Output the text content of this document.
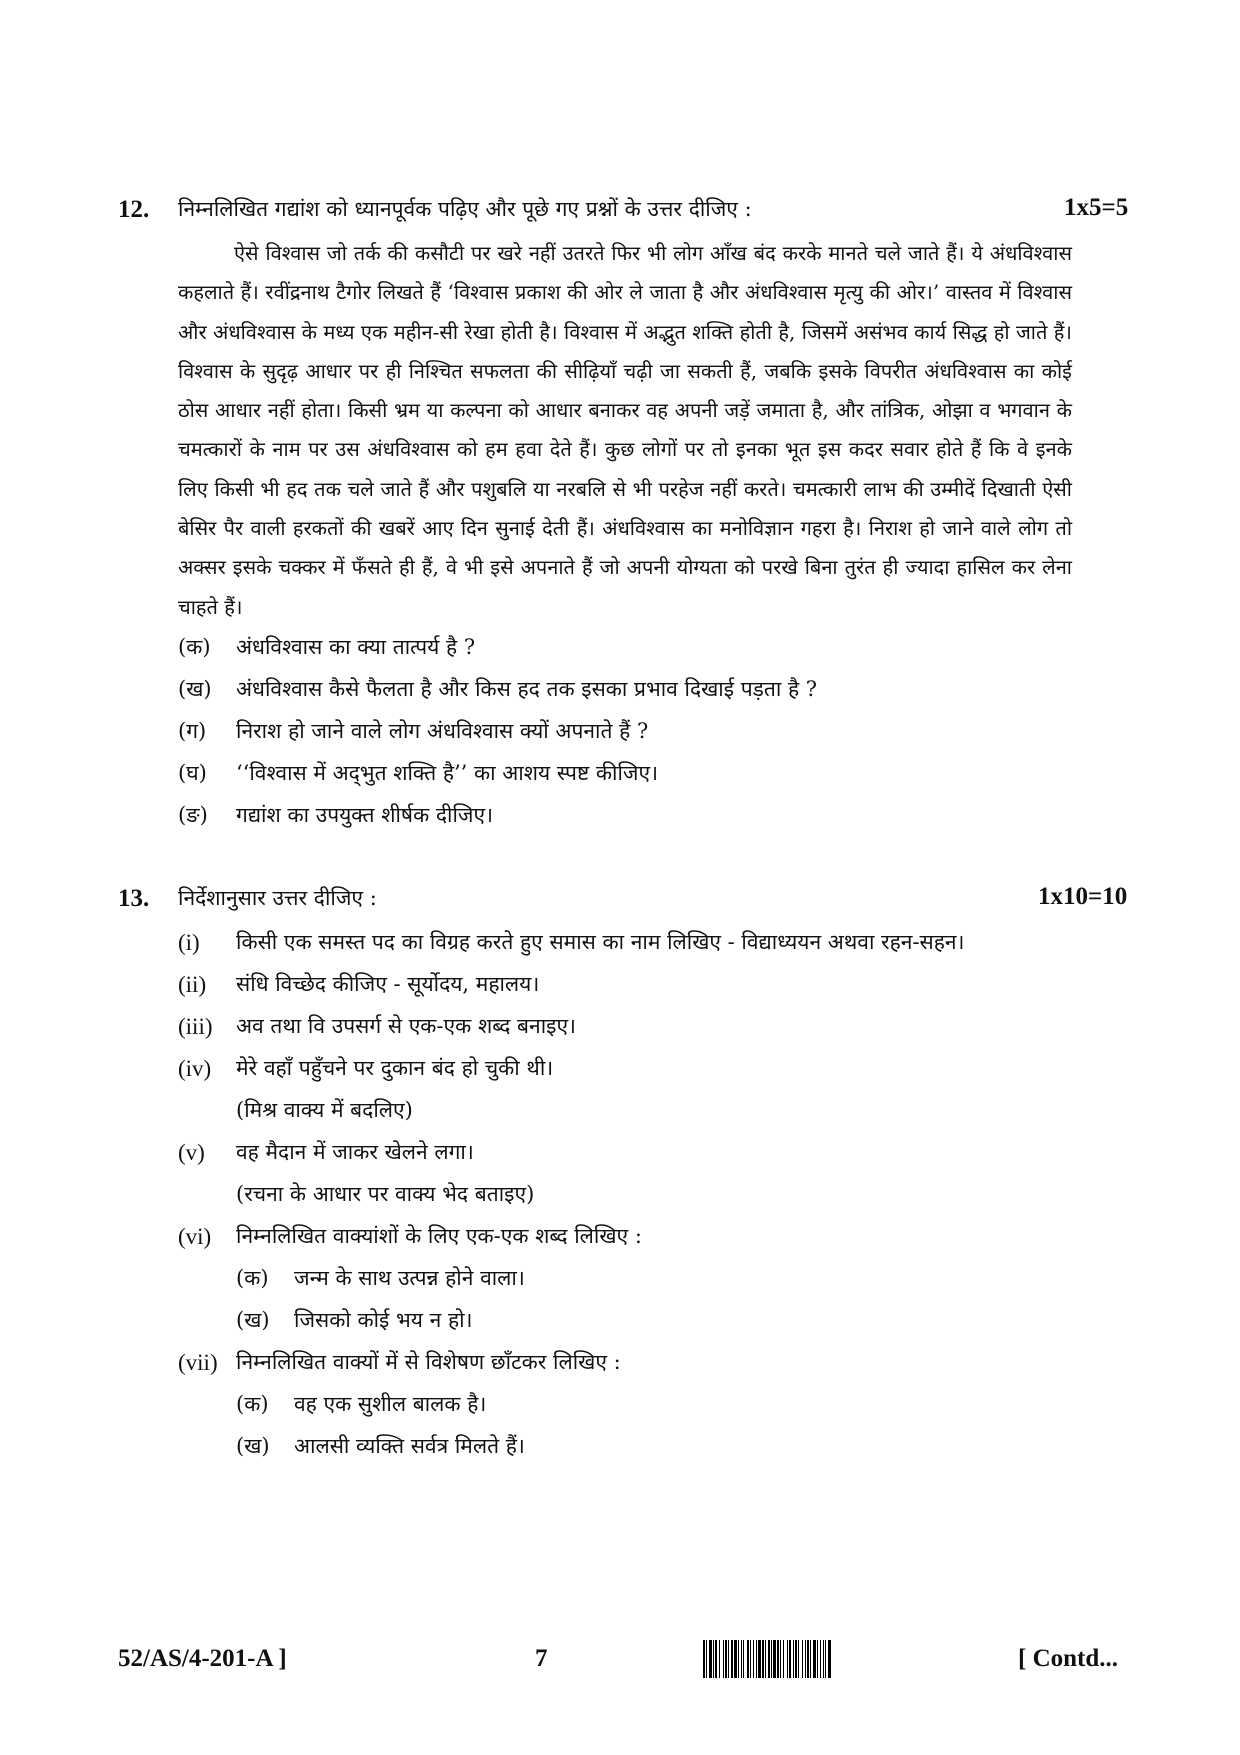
12. निम्नलिखित गद्यांश को ध्यानपूर्वक पढ़िए और पूछे गए प्रश्नों के उत्तर दीजिए :	1x5=5
ऐसे विश्वास जो तर्क की कसौटी पर खरे नहीं उतरते फिर भी लोग आँख बंद करके मानते चले जाते हैं। ये अंधविश्वास कहलाते हैं। रवींद्रनाथ टैगोर लिखते हैं ‘विश्वास प्रकाश की ओर ले जाता है और अंधविश्वास मृत्यु की ओर।’ वास्तव में विश्वास और अंधविश्वास के मध्य एक महीन-सी रेखा होती है। विश्वास में अद्भुत शक्ति होती है, जिसमें असंभव कार्य सिद्ध हो जाते हैं। विश्वास के सुदृढ़ आधार पर ही निश्चित सफलता की सीढ़ियाँ चढ़ी जा सकती हैं, जबकि इसके विपरीत अंधविश्वास का कोई ठोस आधार नहीं होता। किसी भ्रम या कल्पना को आधार बनाकर वह अपनी जड़ें जमाता है, और तांत्रिक, ओझा व भगवान के चमत्कारों के नाम पर उस अंधविश्वास को हम हवा देते हैं। कुछ लोगों पर तो इनका भूत इस कदर सवार होते हैं कि वे इनके लिए किसी भी हद तक चले जाते हैं और पशुबलि या नरबलि से भी परहेज नहीं करते। चमत्कारी लाभ की उम्मीदें दिखाती ऐसी बेसिर पैर वाली हरकतों की खबरें आए दिन सुनाई देती हैं। अंधविश्वास का मनोविज्ञान गहरा है। निराश हो जाने वाले लोग तो अक्सर इसके चक्कर में फँसते ही हैं, वे भी इसे अपनाते हैं जो अपनी योग्यता को परखे बिना तुरंत ही ज्यादा हासिल कर लेना चाहते हैं।
(क) अंधविश्वास का क्या तात्पर्य है ?
(ख) अंधविश्वास कैसे फैलता है और किस हद तक इसका प्रभाव दिखाई पड़ता है ?
(ग) निराश हो जाने वाले लोग अंधविश्वास क्यों अपनाते हैं ?
(घ) ‘‘विश्वास में अद्‌भुत शक्ति है’’ का आशय स्पष्ट कीजिए।
(ङ) गद्यांश का उपयुक्त शीर्षक दीजिए।
13. निर्देशानुसार उत्तर दीजिए :	1x10=10
(i) किसी एक समस्त पद का विग्रह करते हुए समास का नाम लिखिए - विद्याध्ययन अथवा रहन-सहन।
(ii) संधि विच्छेद कीजिए - सूर्योदय, महालय।
(iii) अव तथा वि उपसर्ग से एक-एक शब्द बनाइए।
(iv) मेरे वहाँ पहुँचने पर दुकान बंद हो चुकी थी।
(मिश्र वाक्य में बदलिए)
(v) वह मैदान में जाकर खेलने लगा।
(रचना के आधार पर वाक्य भेद बताइए)
(vi) निम्नलिखित वाक्यांशों के लिए एक-एक शब्द लिखिए :
(क) जन्म के साथ उत्पन्न होने वाला।
(ख) जिसको कोई भय न हो।
(vii) निम्नलिखित वाक्यों में से विशेषण छाँटकर लिखिए :
(क) वह एक सुशील बालक है।
(ख) आलसी व्यक्ति सर्वत्र मिलते हैं।
52/AS/4-201-A ]	7	[ Contd...
